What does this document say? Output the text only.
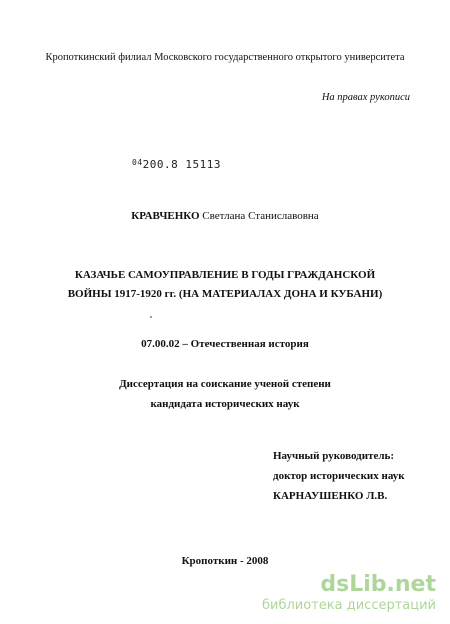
Кропоткинский филиал Московского государственного открытого университета
На правах рукописи
$^{04}$200.8 15113
КРАВЧЕНКО Светлана Станиславовна
КАЗАЧЬЕ САМОУПРАВЛЕНИЕ В ГОДЫ ГРАЖДАНСКОЙ
ВОЙНЫ 1917-1920 гг. (НА МАТЕРИАЛАХ ДОНА И КУБАНИ)
07.00.02 – Отечественная история
Диссертация на соискание ученой степени
кандидата исторических наук
Научный руководитель:
доктор исторических наук
КАРНАУШЕНКО Л.В.
Кропоткин - 2008
dsLib.net
библиотека диссертаций
